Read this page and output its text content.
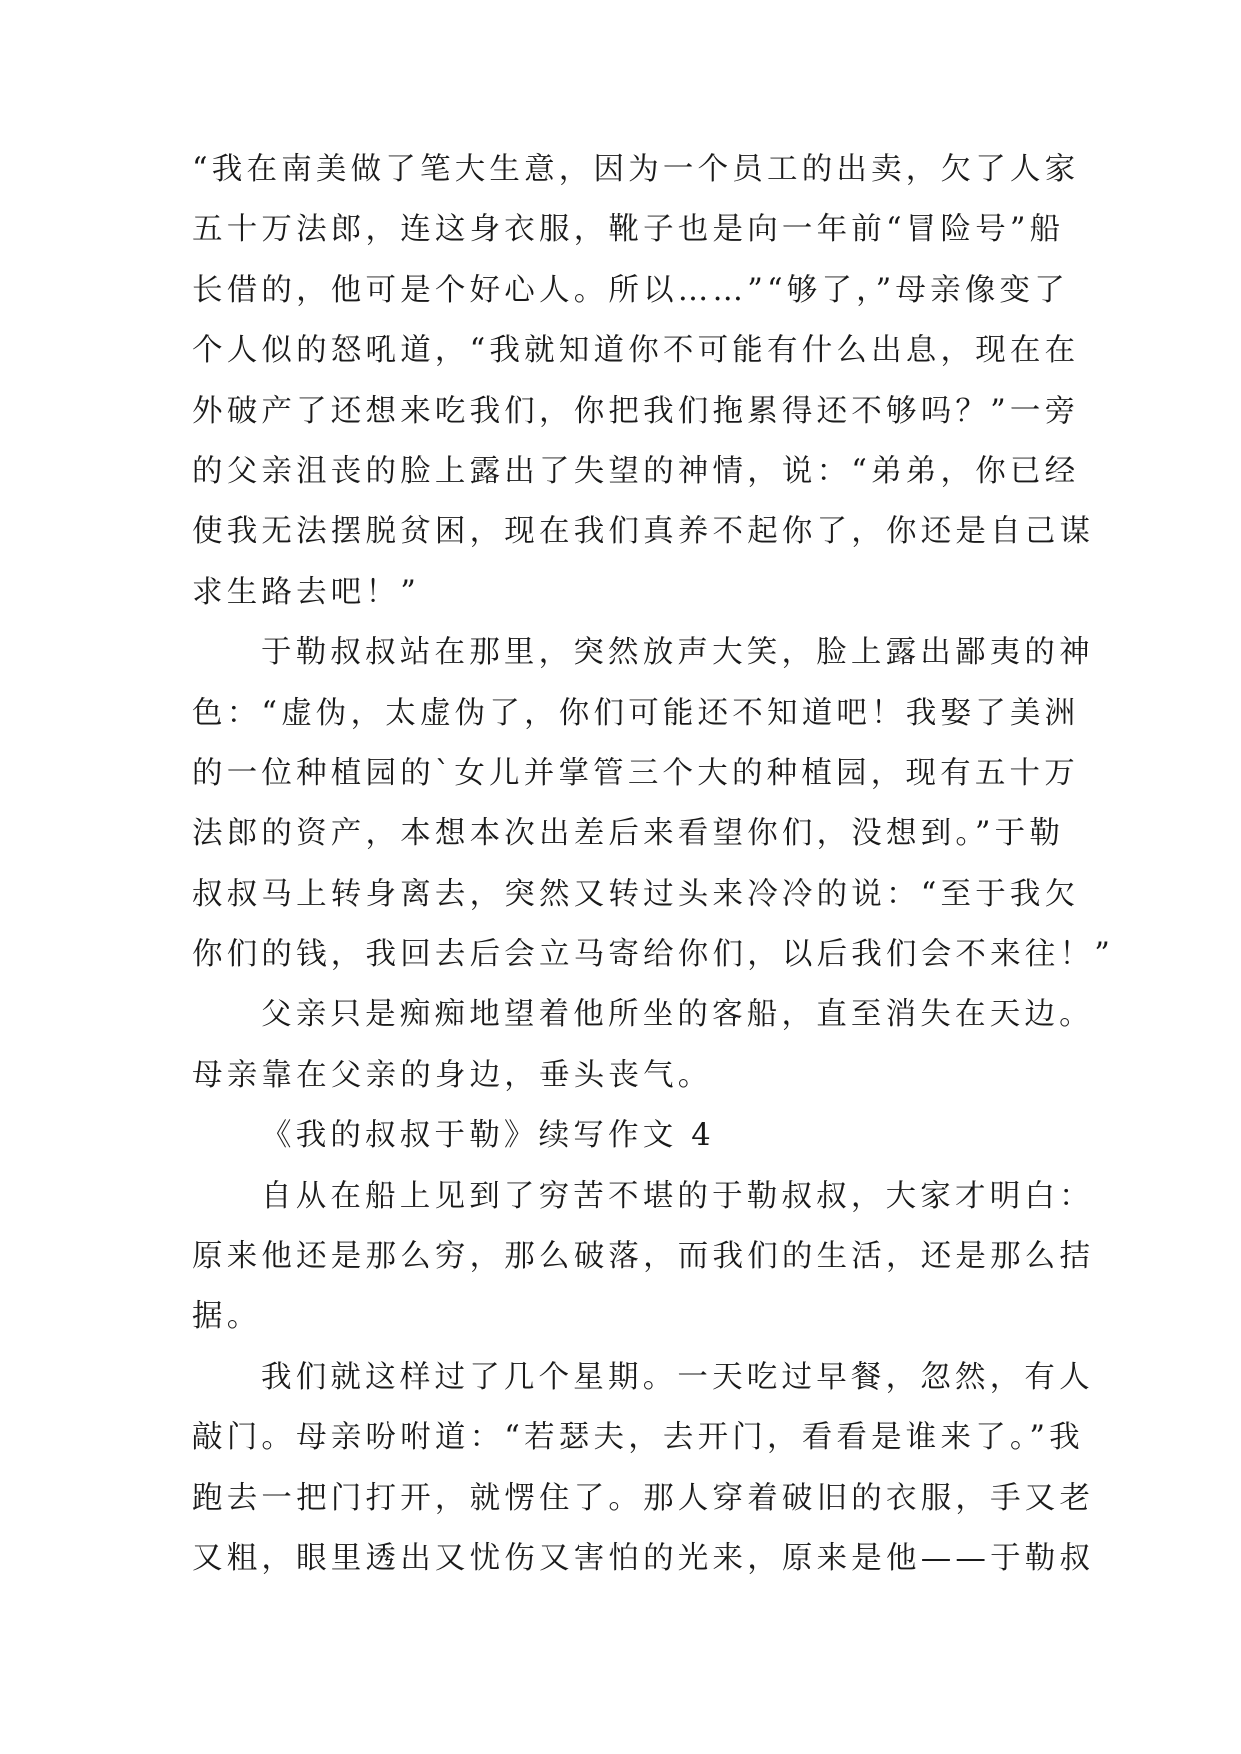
“我在南美做了笔大生意，因为一个员工的出卖，欠了人家
五十万法郎，连这身衣服，靴子也是向一年前“冒险号”船
长借的，他可是个好心人。所以……”“够了，”母亲像变了
个人似的怒吼道，“我就知道你不可能有什么出息，现在在
外破产了还想来吃我们，你把我们拖累得还不够吗？”一旁
的父亲沮丧的脸上露出了失望的神情，说：“弟弟，你已经
使我无法摆脱贫困，现在我们真养不起你了，你还是自己谋
求生路去吧！”

于勒叔叔站在那里，突然放声大笑，脸上露出鄙夷的神
色：“虚伪，太虚伪了，你们可能还不知道吧！我娶了美洲
的一位种植园的`女儿并掌管三个大的种植园，现有五十万
法郎的资产，本想本次出差后来看望你们，没想到。”于勒
叔叔马上转身离去，突然又转过头来冷冷的说：“至于我欠
你们的钱，我回去后会立马寄给你们，以后我们会不来往！”

父亲只是痴痴地望着他所坐的客船，直至消失在天边。
母亲靠在父亲的身边，垂头丧气。

《我的叔叔于勒》续写作文 4

自从在船上见到了穷苦不堪的于勒叔叔，大家才明白：
原来他还是那么穷，那么破落，而我们的生活，还是那么拮
据。

我们就这样过了几个星期。一天吃过早餐，忽然，有人
敲门。母亲吩咐道：“若瑟夫，去开门，看看是谁来了。”我
跑去一把门打开，就愣住了。那人穿着破旧的衣服，手又老
又粗，眼里透出又忧伤又害怕的光来，原来是他——于勒叔
